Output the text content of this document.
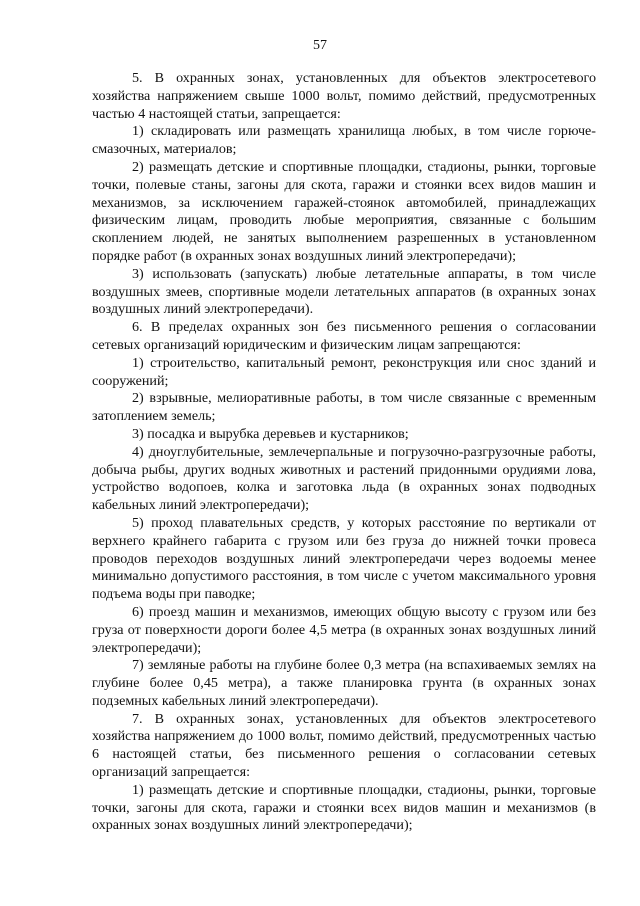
57

5. В охранных зонах, установленных для объектов электросетевого хозяйства напряжением свыше 1000 вольт, помимо действий, предусмотренных частью 4 настоящей статьи, запрещается:

1) складировать или размещать хранилища любых, в том числе горюче-смазочных, материалов;

2) размещать детские и спортивные площадки, стадионы, рынки, торговые точки, полевые станы, загоны для скота, гаражи и стоянки всех видов машин и механизмов, за исключением гаражей-стоянок автомобилей, принадлежащих физическим лицам, проводить любые мероприятия, связанные с большим скоплением людей, не занятых выполнением разрешенных в установленном порядке работ (в охранных зонах воздушных линий электропередачи);

3) использовать (запускать) любые летательные аппараты, в том числе воздушных змеев, спортивные модели летательных аппаратов (в охранных зонах воздушных линий электропередачи).

6. В пределах охранных зон без письменного решения о согласовании сетевых организаций юридическим и физическим лицам запрещаются:

1) строительство, капитальный ремонт, реконструкция или снос зданий и сооружений;

2) взрывные, мелиоративные работы, в том числе связанные с временным затоплением земель;

3) посадка и вырубка деревьев и кустарников;

4) дноуглубительные, землечерпальные и погрузочно-разгрузочные работы, добыча рыбы, других водных животных и растений придонными орудиями лова, устройство водопоев, колка и заготовка льда (в охранных зонах подводных кабельных линий электропередачи);

5) проход плавательных средств, у которых расстояние по вертикали от верхнего крайнего габарита с грузом или без груза до нижней точки провеса проводов переходов воздушных линий электропередачи через водоемы менее минимально допустимого расстояния, в том числе с учетом максимального уровня подъема воды при паводке;

6) проезд машин и механизмов, имеющих общую высоту с грузом или без груза от поверхности дороги более 4,5 метра (в охранных зонах воздушных линий электропередачи);

7) земляные работы на глубине более 0,3 метра (на вспахиваемых землях на глубине более 0,45 метра), а также планировка грунта (в охранных зонах подземных кабельных линий электропередачи).

7. В охранных зонах, установленных для объектов электросетевого хозяйства напряжением до 1000 вольт, помимо действий, предусмотренных частью 6 настоящей статьи, без письменного решения о согласовании сетевых организаций запрещается:

1) размещать детские и спортивные площадки, стадионы, рынки, торговые точки, загоны для скота, гаражи и стоянки всех видов машин и механизмов (в охранных зонах воздушных линий электропередачи);
